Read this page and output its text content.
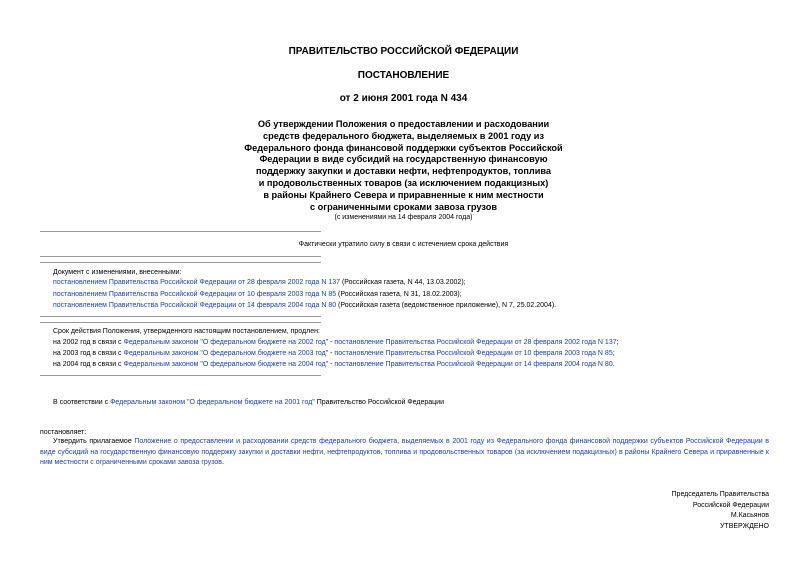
ПРАВИТЕЛЬСТВО РОССИЙСКОЙ ФЕДЕРАЦИИ
ПОСТАНОВЛЕНИЕ
от 2 июня 2001 года N 434
Об утверждении Положения о предоставлении и расходовании
средств федерального бюджета, выделяемых в 2001 году из
Федерального фонда финансовой поддержки субъектов Российской
Федерации в виде субсидий на государственную финансовую
поддержку закупки и доставки нефти, нефтепродуктов, топлива
и продовольственных товаров (за исключением подакцизных)
в районы Крайнего Севера и приравненные к ним местности
с ограниченными сроками завоза грузов
(с изменениями на 14 февраля 2004 года)
Фактически утратило силу в связи с истечением срока действия
Документ с изменениями, внесенными:
постановлением Правительства Российской Федерации от 28 февраля 2002 года N 137 (Российская газета, N 44, 13.03.2002);
постановлением Правительства Российской Федерации от 10 февраля 2003 года N 85 (Российская газета, N 31, 18.02.2003);
постановлением Правительства Российской Федерации от 14 февраля 2004 года N 80 (Российская газета (ведомственное приложение), N 7, 25.02.2004).
Срок действия Положения, утвержденного настоящим постановлением, продлен:
на 2002 год в связи с Федеральным законом "О федеральном бюджете на 2002 год" - постановление Правительства Российской Федерации от 28 февраля 2002 года N 137;
на 2003 год в связи с Федеральным законом "О федеральном бюджете на 2003 год" - постановление Правительства Российской Федерации от 10 февраля 2003 года N 85;
на 2004 год в связи с Федеральным законом "О федеральном бюджете на 2004 год" - постановление Правительства Российской Федерации от 14 февраля 2004 года N 80.
В соответствии с Федеральным законом "О федеральном бюджете на 2001 год" Правительство Российской Федерации
постановляет:
Утвердить прилагаемое Положение о предоставлении и расходовании средств федерального бюджета, выделяемых в 2001 году из Федерального фонда финансовой поддержки субъектов Российской Федерации в виде субсидий на государственную финансовую поддержку закупки и доставки нефти, нефтепродуктов, топлива и продовольственных товаров (за исключением подакцизных) в районы Крайнего Севера и приравненные к ним местности с ограниченными сроками завоза грузов.
Председатель Правительства
Российской Федерации
М.Касьянов
УТВЕРЖДЕНО
